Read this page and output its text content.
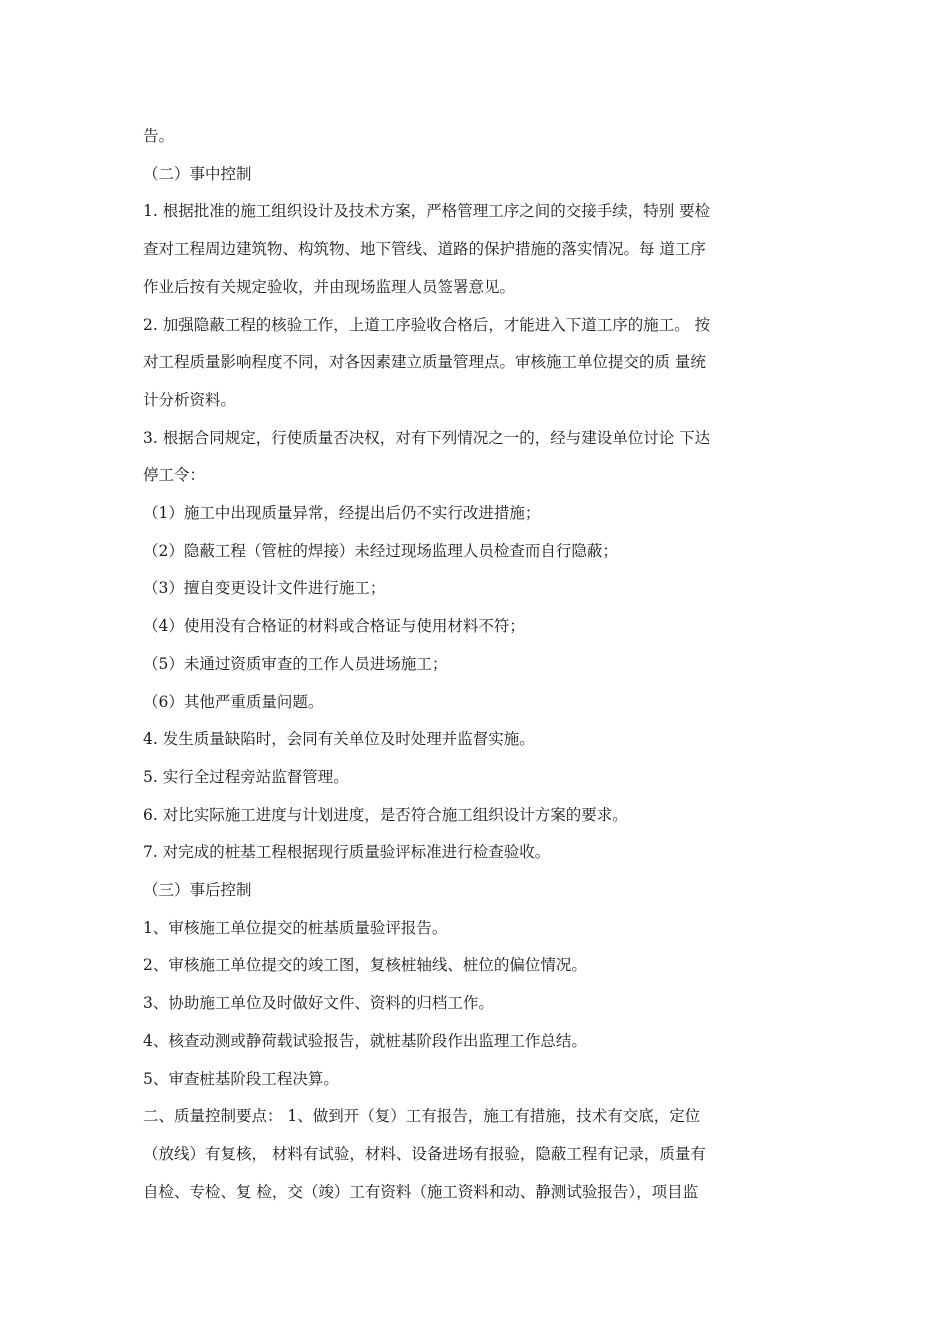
告。

（二）事中控制

1. 根据批准的施工组织设计及技术方案，严格管理工序之间的交接手续，特别 要检

查对工程周边建筑物、构筑物、地下管线、道路的保护措施的落实情况。每 道工序

作业后按有关规定验收，并由现场监理人员签署意见。

2. 加强隐蔽工程的核验工作，上道工序验收合格后，才能进入下道工序的施工。 按

对工程质量影响程度不同，对各因素建立质量管理点。审核施工单位提交的质 量统

计分析资料。

3. 根据合同规定，行使质量否决权，对有下列情况之一的，经与建设单位讨论 下达

停工令：

（1）施工中出现质量异常，经提出后仍不实行改进措施；

（2）隐蔽工程（管桩的焊接）未经过现场监理人员检查而自行隐蔽；

（3）擅自变更设计文件进行施工；

（4）使用没有合格证的材料或合格证与使用材料不符；

（5）未通过资质审查的工作人员进场施工；

（6）其他严重质量问题。

4. 发生质量缺陷时，会同有关单位及时处理并监督实施。

5. 实行全过程旁站监督管理。

6. 对比实际施工进度与计划进度，是否符合施工组织设计方案的要求。

7. 对完成的桩基工程根据现行质量验评标准进行检查验收。

（三）事后控制

1、审核施工单位提交的桩基质量验评报告。

2、审核施工单位提交的竣工图，复核桩轴线、桩位的偏位情况。

3、协助施工单位及时做好文件、资料的归档工作。

4、核查动测或静荷载试验报告，就桩基阶段作出监理工作总结。

5、审查桩基阶段工程决算。

二、质量控制要点： 1、做到开（复）工有报告，施工有措施，技术有交底，定位

（放线）有复核， 材料有试验，材料、设备进场有报验，隐蔽工程有记录，质量有

自检、专检、复 检，交（竣）工有资料（施工资料和动、静测试验报告），项目监
